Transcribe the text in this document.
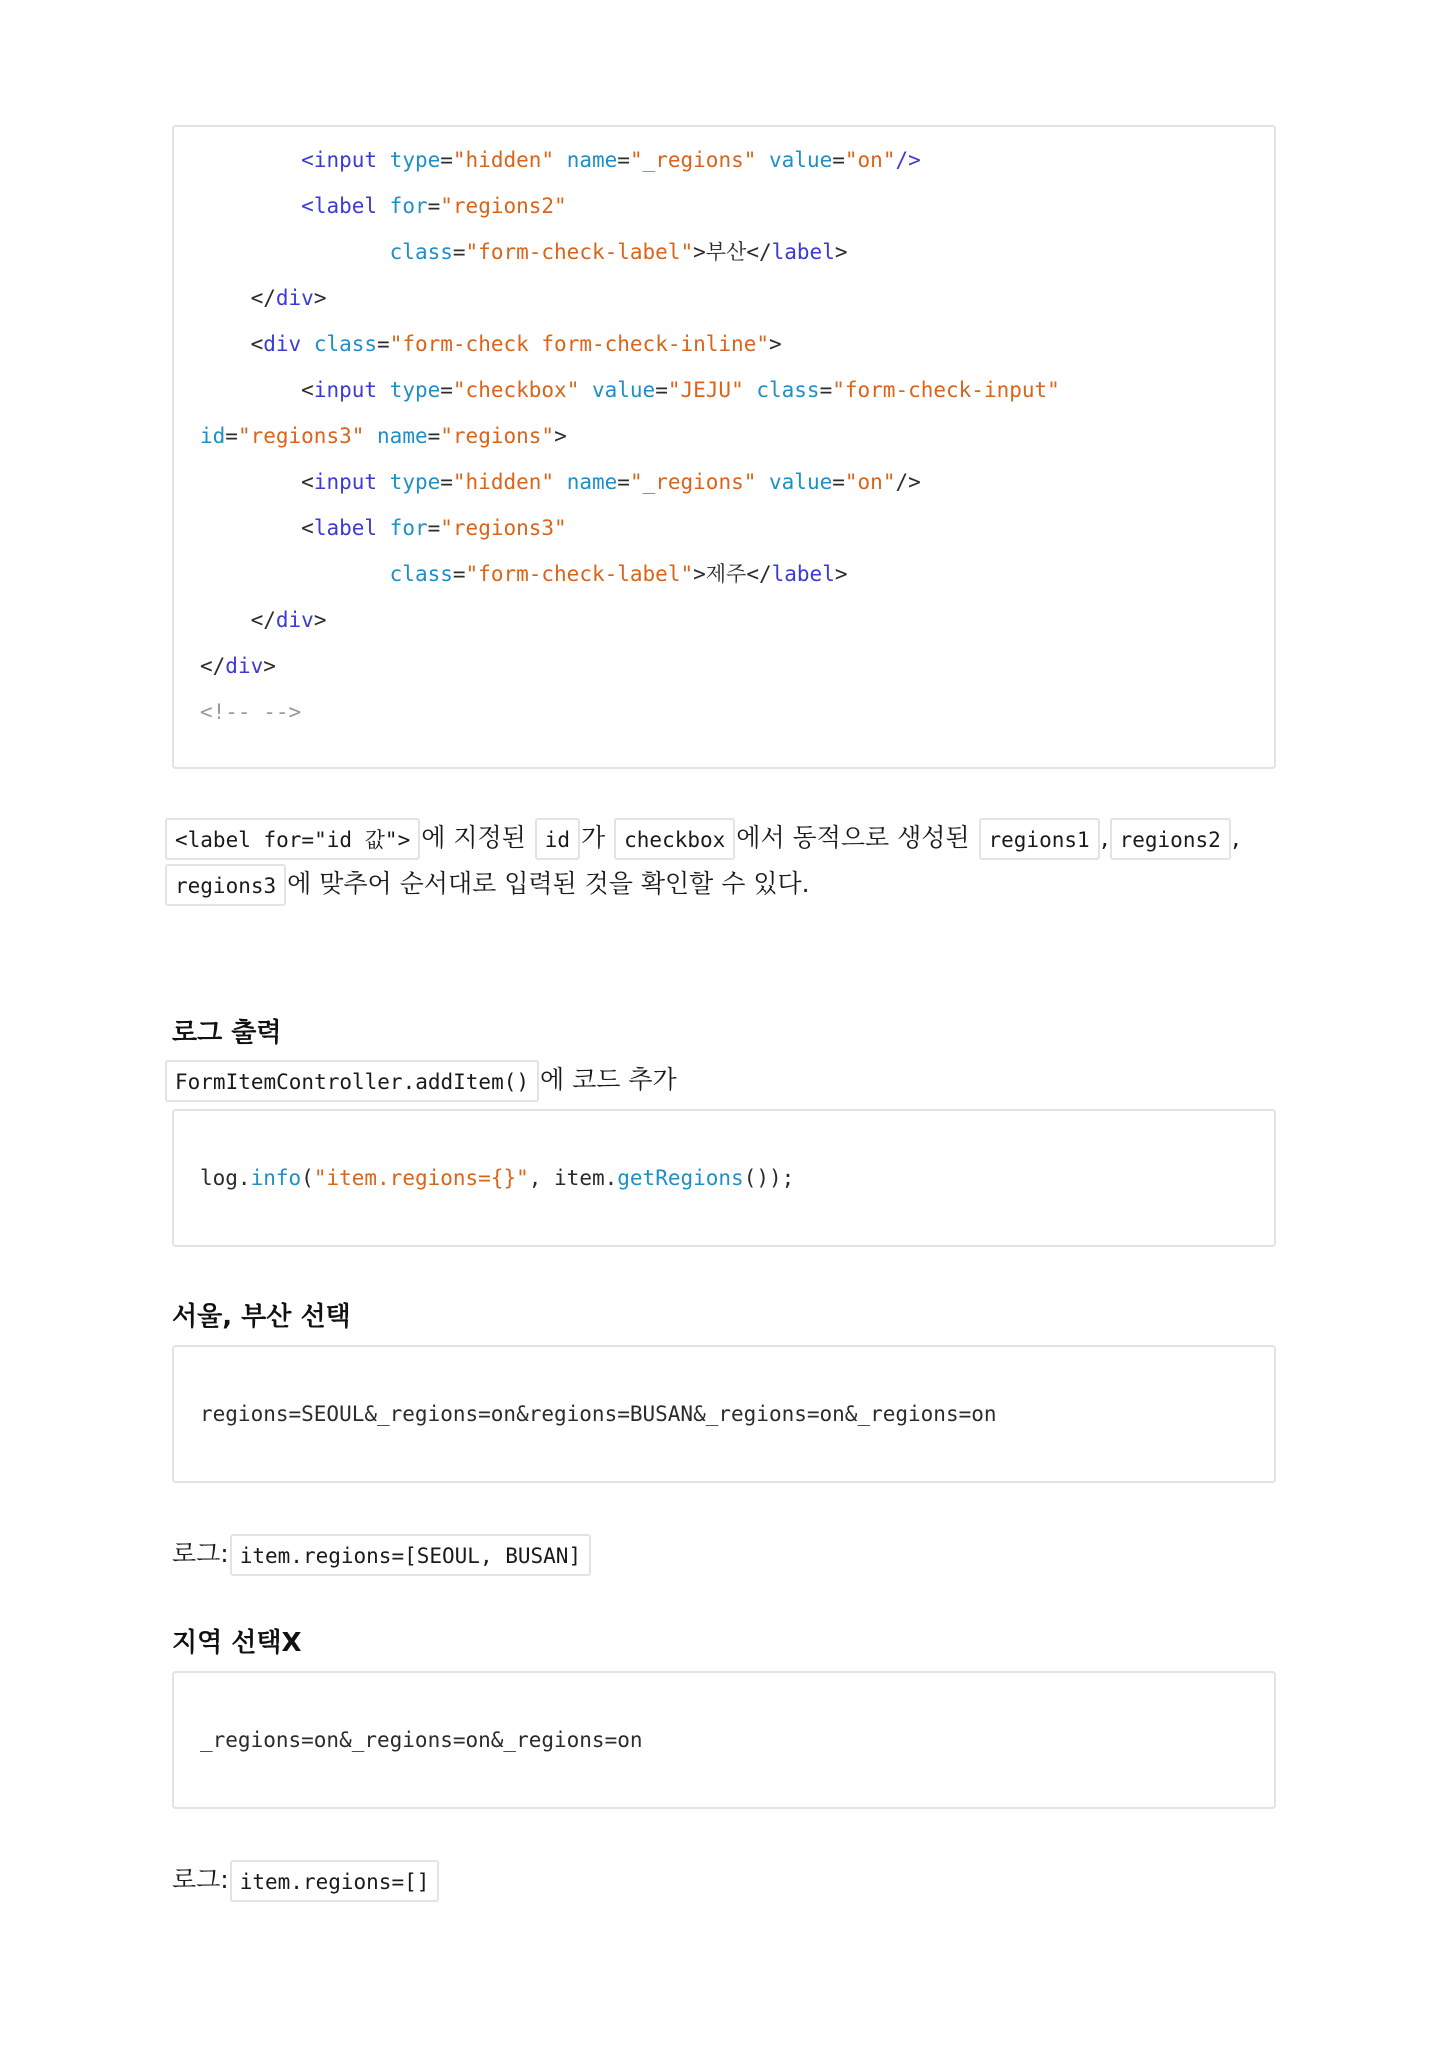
<input type="hidden" name="_regions" value="on"/>
<label for="regions2"
class="form-check-label">부산</label>
</div>
<div class="form-check form-check-inline">
<input type="checkbox" value="JEJU" class="form-check-input"
id="regions3" name="regions">
<input type="hidden" name="_regions" value="on"/>
<label for="regions3"
class="form-check-label">제주</label>
</div>
</div>
<!-- -->
<label for="id 값"> 에 지정된 id 가 checkbox 에서 동적으로 생성된 regions1 , regions2 ,
regions3 에 맞추어 순서대로 입력된 것을 확인할 수 있다.
로그 출력
FormItemController.addItem() 에 코드 추가
log. info ( "item.regions={}" , item. getRegions ());
서울, 부산 선택
regions=SEOUL&_regions=on&regions=BUSAN&_regions=on&_regions=on
로그: item.regions=[SEOUL, BUSAN]
지역 선택X
_regions=on&_regions=on&_regions=on
로그: item.regions=[]
